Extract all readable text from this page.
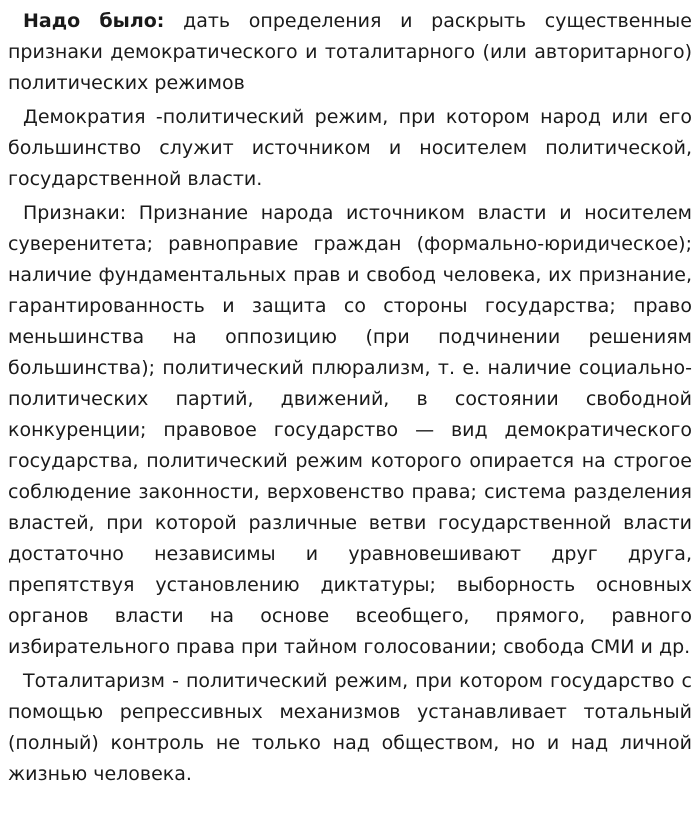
Надо было: дать определения и раскрыть существенные признаки демократического и тоталитарного (или авторитарного) политических режимов

Демократия -политический режим, при котором народ или его большинство служит источником и носителем политической, государственной власти.

Признаки: Признание народа источником власти и носителем суверенитета; равноправие граждан (формально-юридическое); наличие фундаментальных прав и свобод человека, их признание, гарантированность и защита со стороны государства; право меньшинства на оппозицию (при подчинении решениям большинства); политический плюрализм, т. е. наличие социально-политических партий, движений, в состоянии свободной конкуренции; правовое государство — вид демократического государства, политический режим которого опирается на строгое соблюдение законности, верховенство права; система разделения властей, при которой различные ветви государственной власти достаточно независимы и уравновешивают друг друга, препятствуя установлению диктатуры; выборность основных органов власти на основе всеобщего, прямого, равного избирательного права при тайном голосовании; свобода СМИ и др.

Тоталитаризм - политический режим, при котором государство с помощью репрессивных механизмов устанавливает тотальный (полный) контроль не только над обществом, но и над личной жизнью человека.
